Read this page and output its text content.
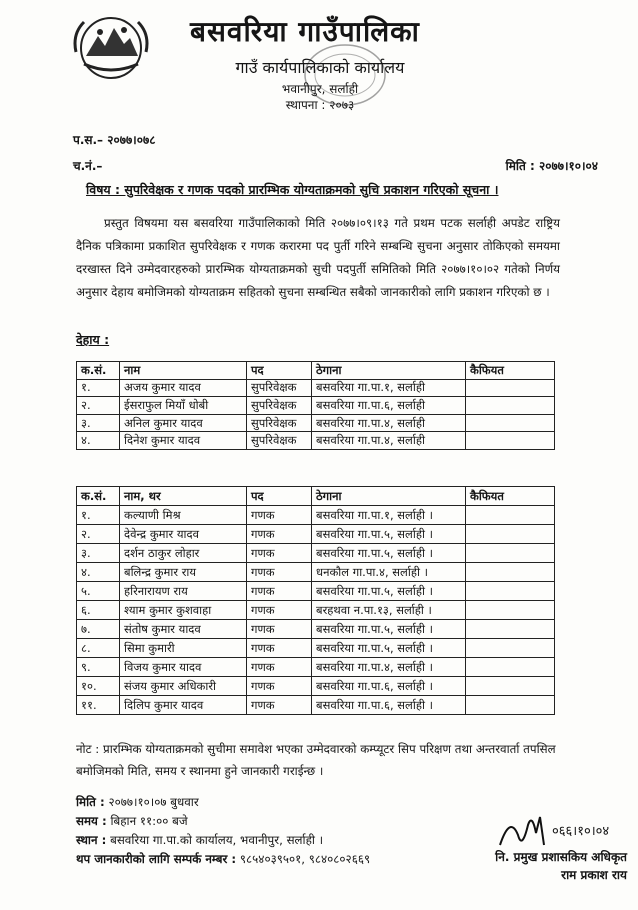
बसवरिया गाउँपालिका
गाउँ कार्यपालिकाको कार्यालय
भवानीपुर, सर्लाही
स्थापना : २०७३
प.स.– २०७७।०७८
च.नं.–	मिति : २०७७।१०।०४
विषय : सुपरिवेक्षक र गणक पदको प्रारम्भिक योग्यताक्रमको सुचि प्रकाशन गरिएको सूचना ।
प्रस्तुत विषयमा यस बसवरिया गाउँपालिकाको मिति २०७७।०९।१३ गते प्रथम पटक सर्लाही अपडेट राष्ट्रिय दैनिक पत्रिकामा प्रकाशित सुपरिवेक्षक र गणक करारमा पद पुर्ती गरिने सम्बन्धि सुचना अनुसार तोकिएको समयमा दरखास्त दिने उम्मेदवारहरुको प्रारम्भिक योग्यताक्रमको सुची पदपुर्ती समितिको मिति २०७७।१०।०२ गतेको निर्णय अनुसार देहाय बमोजिमको योग्यताक्रम सहितको सुचना सम्बन्धित सबैको जानकारीको लागि प्रकाशन गरिएको छ ।
देहाय :
क.सं.	नाम	पद	ठेगाना	कैफियत
१.	अजय कुमार यादव	सुपरिवेक्षक	बसवरिया गा.पा.१, सर्लाही	
२.	ईसराफुल मियाँ धोबी	सुपरिवेक्षक	बसवरिया गा.पा.६, सर्लाही	
३.	अनिल कुमार यादव	सुपरिवेक्षक	बसवरिया गा.पा.४, सर्लाही	
४.	दिनेश कुमार यादव	सुपरिवेक्षक	बसवरिया गा.पा.४, सर्लाही	
क.सं.	नाम, थर	पद	ठेगाना	कैफियत
१.	कल्याणी मिश्र	गणक	बसवरिया गा.पा.१, सर्लाही ।	
२.	देवेन्द्र कुमार यादव	गणक	बसवरिया गा.पा.५, सर्लाही ।	
३.	दर्शन ठाकुर लोहार	गणक	बसवरिया गा.पा.५, सर्लाही ।	
४.	बलिन्द्र कुमार राय	गणक	धनकौल गा.पा.४, सर्लाही ।	
५.	हरिनारायण राय	गणक	बसवरिया गा.पा.५, सर्लाही ।	
६.	श्याम कुमार कुशवाहा	गणक	बरहथवा न.पा.१३, सर्लाही ।	
७.	संतोष कुमार यादव	गणक	बसवरिया गा.पा.५, सर्लाही ।	
८.	सिमा कुमारी	गणक	बसवरिया गा.पा.५, सर्लाही ।	
९.	विजय कुमार यादव	गणक	बसवरिया गा.पा.४, सर्लाही ।	
१०.	संजय कुमार अधिकारी	गणक	बसवरिया गा.पा.६, सर्लाही ।	
११.	दिलिप कुमार यादव	गणक	बसवरिया गा.पा.६, सर्लाही ।	
नोट : प्रारम्भिक योग्यताक्रमको सुचीमा समावेश भएका उम्मेदवारको कम्प्यूटर सिप परिक्षण तथा अन्तरवार्ता तपसिल बमोजिमको मिति, समय र स्थानमा हुने जानकारी गराईन्छ ।
मिति : २०७७।१०।०७ बुधवार
समय : बिहान ११:०० बजे
स्थान : बसवरिया गा.पा.को कार्यालय, भवानीपुर, सर्लाही ।
थप जानकारीको लागि सम्पर्क नम्बर : ९८५४०३९५०१, ९८४०८०२६६९
०६६।१०।०४
नि. प्रमुख प्रशासकिय अधिकृत
राम प्रकाश राय
